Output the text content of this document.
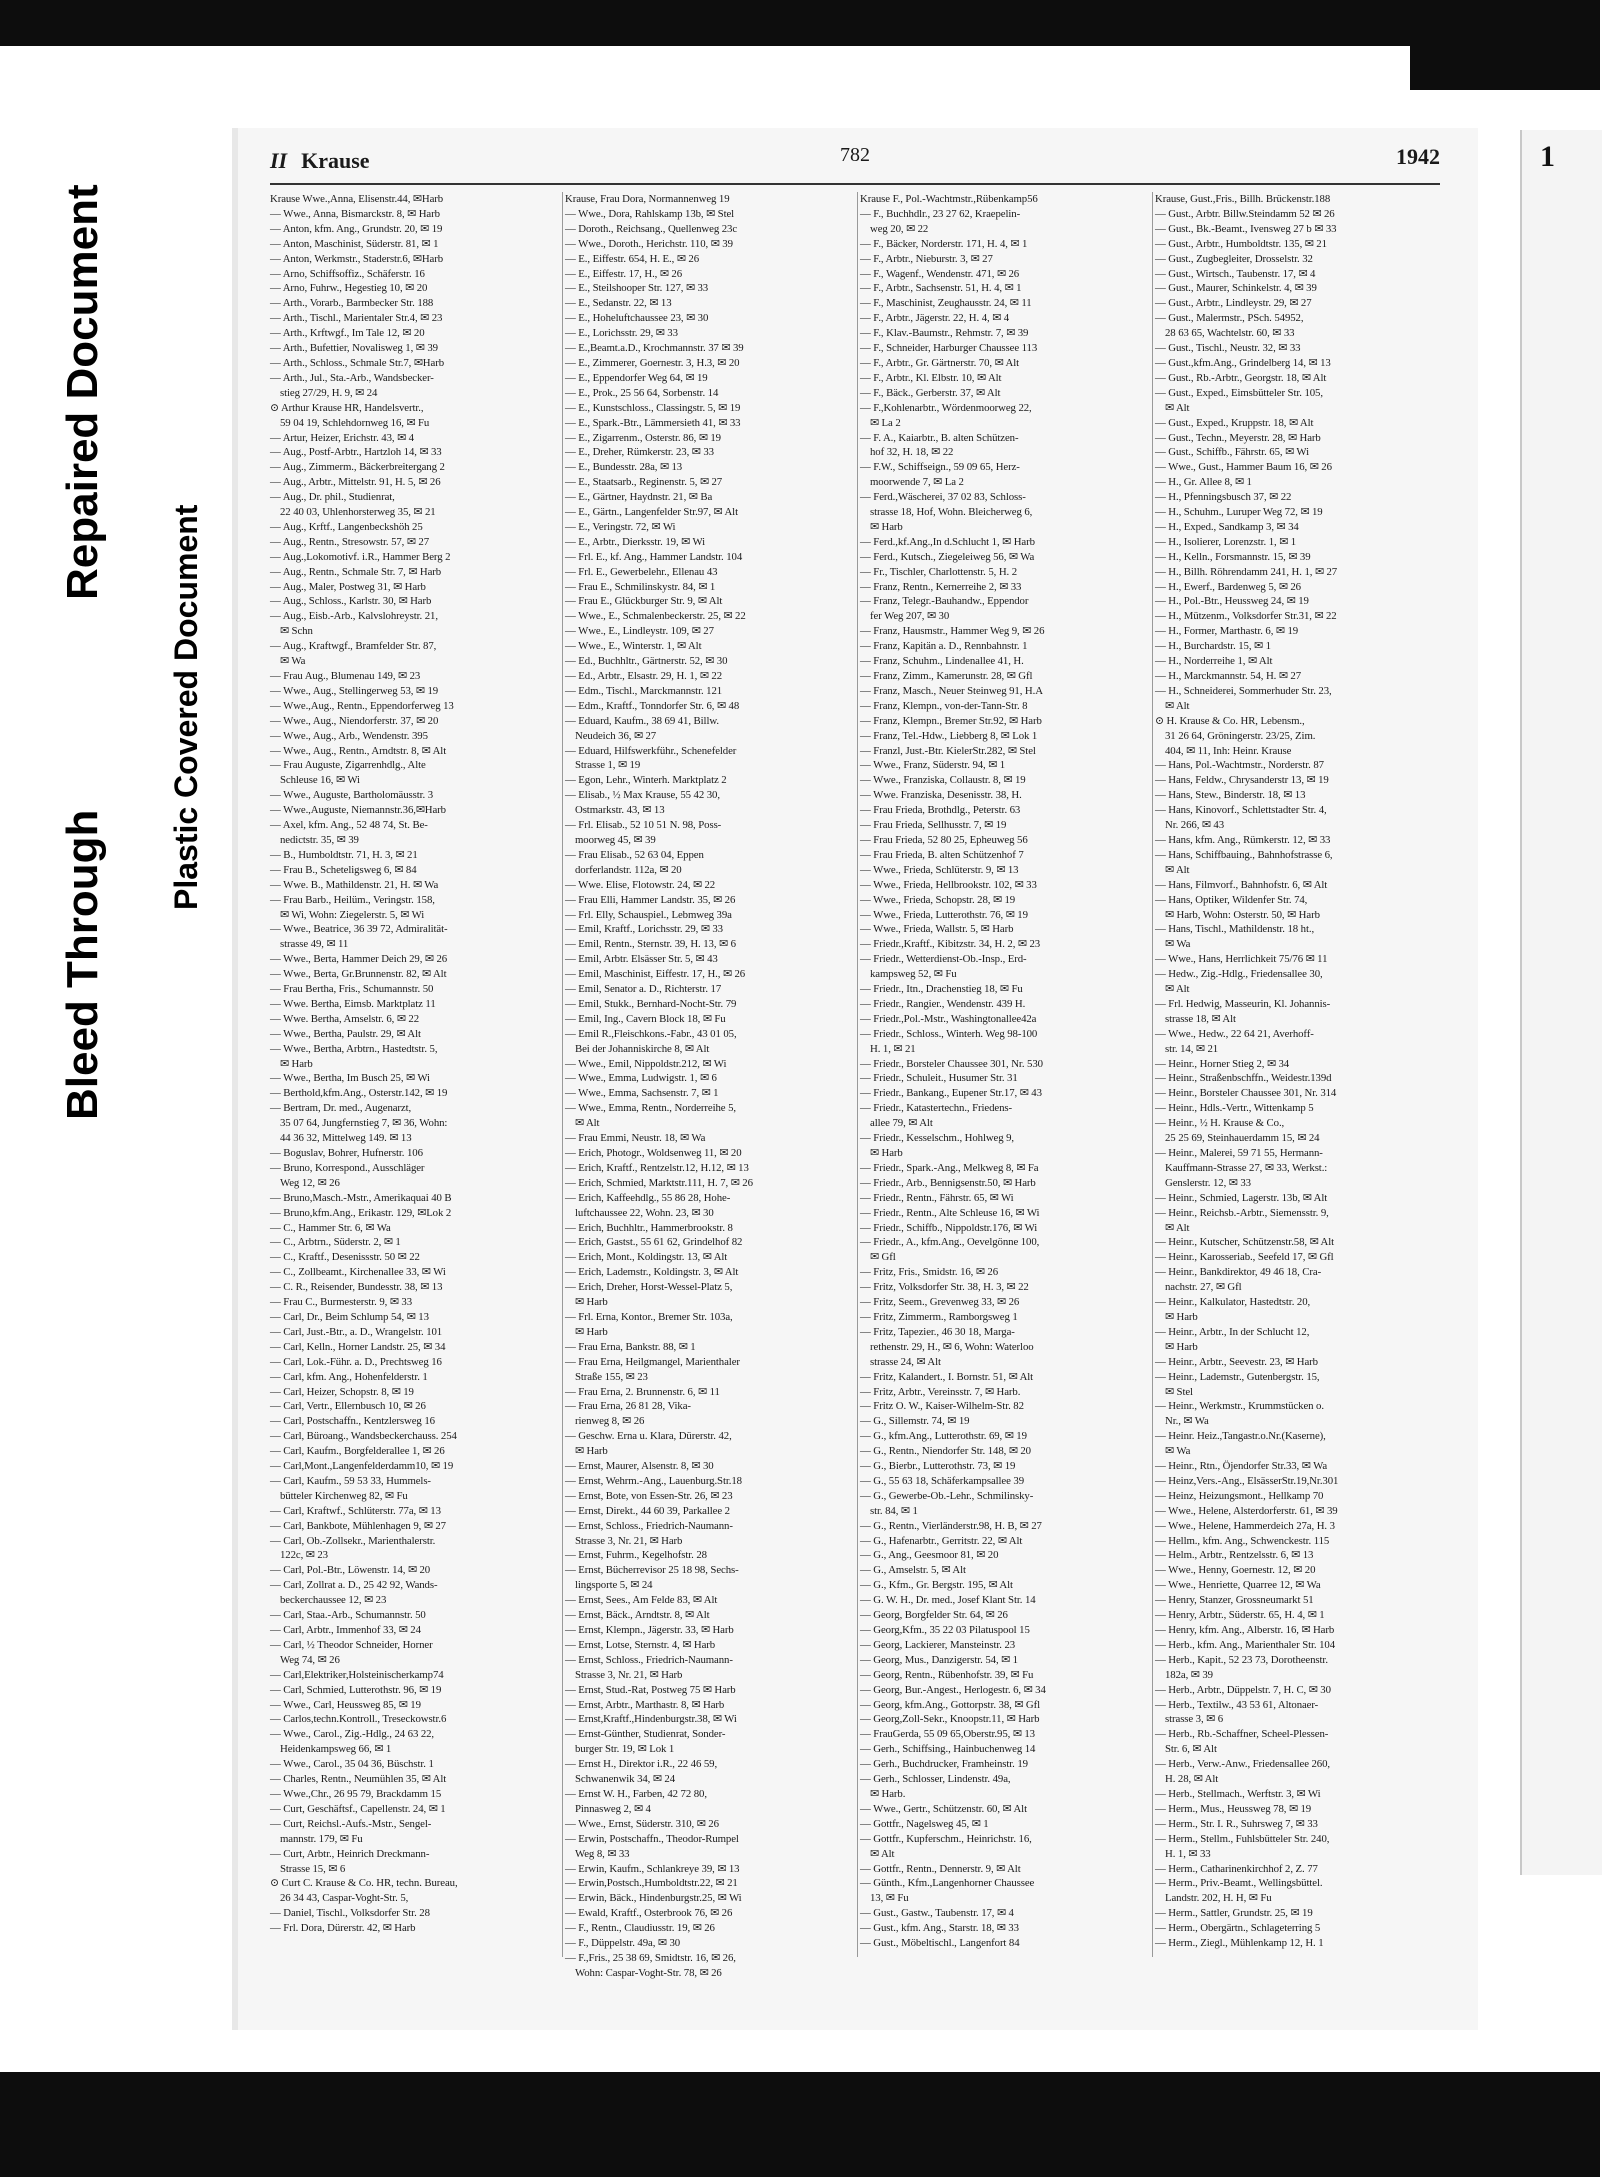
Bleed Through
Repaired Document
Plastic Covered Document
1
II Krause	782	1942
Krause Wwe.,Anna, Elisenstr.44, ✉Harb
— Wwe., Anna, Bismarckstr. 8, ✉ Harb
— Anton, kfm. Ang., Grundstr. 20, ✉ 19
— Anton, Maschinist, Süderstr. 81, ✉ 1
— Anton, Werkmstr., Staderstr.6, ✉Harb
— Arno, Schiffsoffiz., Schäferstr. 16
— Arno, Fuhrw., Hegestieg 10, ✉ 20
— Arth., Vorarb., Barmbecker Str. 188
— Arth., Tischl., Marientaler Str.4, ✉ 23
— Arth., Krftwgf., Im Tale 12, ✉ 20
— Arth., Bufettier, Novalisweg 1, ✉ 39
— Arth., Schloss., Schmale Str.7, ✉Harb
— Arth., Jul., Sta.-Arb., Wandsbecker-
stieg 27/29, H. 9, ✉ 24
⊙ Arthur Krause HR, Handelsvertr.,
59 04 19, Schlehdornweg 16, ✉ Fu
— Artur, Heizer, Erichstr. 43, ✉ 4
— Aug., Postf-Arbtr., Hartzloh 14, ✉ 33
— Aug., Zimmerm., Bäckerbreitergang 2
— Aug., Arbtr., Mittelstr. 91, H. 5, ✉ 26
— Aug., Dr. phil., Studienrat,
22 40 03, Uhlenhorsterweg 35, ✉ 21
— Aug., Krftf., Langenbeckshöh 25
— Aug., Rentn., Stresowstr. 57, ✉ 27
— Aug.,Lokomotivf. i.R., Hammer Berg 2
— Aug., Rentn., Schmale Str. 7, ✉ Harb
— Aug., Maler, Postweg 31, ✉ Harb
— Aug., Schloss., Karlstr. 30, ✉ Harb
— Aug., Eisb.-Arb., Kalvslohreystr. 21,
✉ Schn
— Aug., Kraftwgf., Bramfelder Str. 87,
✉ Wa
— Frau Aug., Blumenau 149, ✉ 23
— Wwe., Aug., Stellingerweg 53, ✉ 19
— Wwe.,Aug., Rentn., Eppendorferweg 13
— Wwe., Aug., Niendorferstr. 37, ✉ 20
— Wwe., Aug., Arb., Wendenstr. 395
— Wwe., Aug., Rentn., Arndtstr. 8, ✉ Alt
— Frau Auguste, Zigarrenhdlg., Alte
Schleuse 16, ✉ Wi
— Wwe., Auguste, Bartholomäusstr. 3
— Wwe.,Auguste, Niemannstr.36,✉Harb
— Axel, kfm. Ang., 52 48 74, St. Be-
nedictstr. 35, ✉ 39
— B., Humboldtstr. 71, H. 3, ✉ 21
— Frau B., Scheteligsweg 6, ✉ 84
— Wwe. B., Mathildenstr. 21, H. ✉ Wa
— Frau Barb., Heilüm., Veringstr. 158,
✉ Wi, Wohn: Ziegelerstr. 5, ✉ Wi
— Wwe., Beatrice, 36 39 72, Admiralität-
strasse 49, ✉ 11
— Wwe., Berta, Hammer Deich 29, ✉ 26
— Wwe., Berta, Gr.Brunnenstr. 82, ✉ Alt
— Frau Bertha, Fris., Schumannstr. 50
— Wwe. Bertha, Eimsb. Marktplatz 11
— Wwe. Bertha, Amselstr. 6, ✉ 22
— Wwe., Bertha, Paulstr. 29, ✉ Alt
— Wwe., Bertha, Arbtrn., Hastedtstr. 5,
✉ Harb
— Wwe., Bertha, Im Busch 25, ✉ Wi
— Berthold,kfm.Ang., Osterstr.142, ✉ 19
— Bertram, Dr. med., Augenarzt,
35 07 64, Jungfernstieg 7, ✉ 36, Wohn:
44 36 32, Mittelweg 149. ✉ 13
— Boguslav, Bohrer, Hufnerstr. 106
— Bruno, Korrespond., Ausschläger
Weg 12, ✉ 26
— Bruno,Masch.-Mstr., Amerikaquai 40 B
— Bruno,kfm.Ang., Erikastr. 129, ✉Lok 2
— C., Hammer Str. 6, ✉ Wa
— C., Arbtrn., Süderstr. 2, ✉ 1
— C., Kraftf., Desenissstr. 50 ✉ 22
— C., Zollbeamt., Kirchenallee 33, ✉ Wi
— C. R., Reisender, Bundesstr. 38, ✉ 13
— Frau C., Burmesterstr. 9, ✉ 33
— Carl, Dr., Beim Schlump 54, ✉ 13
— Carl, Just.-Btr., a. D., Wrangelstr. 101
— Carl, Kelln., Horner Landstr. 25, ✉ 34
— Carl, Lok.-Führ. a. D., Prechtsweg 16
— Carl, kfm. Ang., Hohenfelderstr. 1
— Carl, Heizer, Schopstr. 8, ✉ 19
— Carl, Vertr., Ellernbusch 10, ✉ 26
— Carl, Postschaffn., Kentzlersweg 16
— Carl, Büroang., Wandsbeckerchauss. 254
— Carl, Kaufm., Borgfelderallee 1, ✉ 26
— Carl,Mont.,Langenfelderdamm10, ✉ 19
— Carl, Kaufm., 59 53 33, Hummels-
bütteler Kirchenweg 82, ✉ Fu
— Carl, Kraftwf., Schlüterstr. 77a, ✉ 13
— Carl, Bankbote, Mühlenhagen 9, ✉ 27
— Carl, Ob.-Zollsekr., Marienthalerstr.
122c, ✉ 23
— Carl, Pol.-Btr., Löwenstr. 14, ✉ 20
— Carl, Zollrat a. D., 25 42 92, Wands-
beckerchaussee 12, ✉ 23
— Carl, Staa.-Arb., Schumannstr. 50
— Carl, Arbtr., Immenhof 33, ✉ 24
— Carl, ½ Theodor Schneider, Horner
Weg 74, ✉ 26
— Carl,Elektriker,Holsteinischerkamp74
— Carl, Schmied, Lutterothstr. 96, ✉ 19
— Wwe., Carl, Heussweg 85, ✉ 19
— Carlos,techn.Kontroll., Treseckowstr.6
— Wwe., Carol., Zig.-Hdlg., 24 63 22,
Heidenkampsweg 66, ✉ 1
— Wwe., Carol., 35 04 36, Büschstr. 1
— Charles, Rentn., Neumühlen 35, ✉ Alt
— Wwe.,Chr., 26 95 79, Brackdamm 15
— Curt, Geschäftsf., Capellenstr. 24, ✉ 1
— Curt, Reichsl.-Aufs.-Mstr., Sengel-
mannstr. 179, ✉ Fu
— Curt, Arbtr., Heinrich Dreckmann-
Strasse 15, ✉ 6
⊙ Curt C. Krause & Co. HR, techn. Bureau,
26 34 43, Caspar-Voght-Str. 5,
— Daniel, Tischl., Volksdorfer Str. 28
— Frl. Dora, Dürerstr. 42, ✉ Harb
Krause, Frau Dora, Normannenweg 19
— Wwe., Dora, Rahlskamp 13b, ✉ Stel
— Doroth., Reichsang., Quellenweg 23c
— Wwe., Doroth., Herichstr. 110, ✉ 39
— E., Eiffestr. 654, H. E., ✉ 26
— E., Eiffestr. 17, H., ✉ 26
— E., Steilshooper Str. 127, ✉ 33
— E., Sedanstr. 22, ✉ 13
— E., Hoheluftchaussee 23, ✉ 30
— E., Lorichsstr. 29, ✉ 33
— E.,Beamt.a.D., Krochmannstr. 37 ✉ 39
— E., Zimmerer, Goernestr. 3, H.3, ✉ 20
— E., Eppendorfer Weg 64, ✉ 19
— E., Prok., 25 56 64, Sorbenstr. 14
— E., Kunstschloss., Classingstr. 5, ✉ 19
— E., Spark.-Btr., Lämmersieth 41, ✉ 33
— E., Zigarrenm., Osterstr. 86, ✉ 19
— E., Dreher, Rümkerstr. 23, ✉ 33
— E., Bundesstr. 28a, ✉ 13
— E., Staatsarb., Reginenstr. 5, ✉ 27
— E., Gärtner, Haydnstr. 21, ✉ Ba
— E., Gärtn., Langenfelder Str.97, ✉ Alt
— E., Veringstr. 72, ✉ Wi
— E., Arbtr., Dierksstr. 19, ✉ Wi
— Frl. E., kf. Ang., Hammer Landstr. 104
— Frl. E., Gewerbelehr., Ellenau 43
— Frau E., Schmilinskystr. 84, ✉ 1
— Frau E., Glückburger Str. 9, ✉ Alt
— Wwe., E., Schmalenbeckerstr. 25, ✉ 22
— Wwe., E., Lindleystr. 109, ✉ 27
— Wwe., E., Winterstr. 1, ✉ Alt
— Ed., Buchhltr., Gärtnerstr. 52, ✉ 30
— Ed., Arbtr., Elsastr. 29, H. 1, ✉ 22
— Edm., Tischl., Marckmannstr. 121
— Edm., Kraftf., Tonndorfer Str. 6, ✉ 48
— Eduard, Kaufm., 38 69 41, Billw.
Neudeich 36, ✉ 27
— Eduard, Hilfswerkführ., Schenefelder
Strasse 1, ✉ 19
— Egon, Lehr., Winterh. Marktplatz 2
— Elisab., ½ Max Krause, 55 42 30,
Ostmarkstr. 43, ✉ 13
— Frl. Elisab., 52 10 51 N. 98, Poss-
moorweg 45, ✉ 39
— Frau Elisab., 52 63 04, Eppen
dorferlandstr. 112a, ✉ 20
— Wwe. Elise, Flotowstr. 24, ✉ 22
— Frau Elli, Hammer Landstr. 35, ✉ 26
— Frl. Elly, Schauspiel., Lebmweg 39a
— Emil, Kraftf., Lorichsstr. 29, ✉ 33
— Emil, Rentn., Sternstr. 39, H. 13, ✉ 6
— Emil, Arbtr. Elsässer Str. 5, ✉ 43
— Emil, Maschinist, Eiffestr. 17, H., ✉ 26
— Emil, Senator a. D., Richterstr. 17
— Emil, Stukk., Bernhard-Nocht-Str. 79
— Emil, Ing., Cavern Block 18, ✉ Fu
— Emil R.,Fleischkons.-Fabr., 43 01 05,
Bei der Johanniskirche 8, ✉ Alt
— Wwe., Emil, Nippoldstr.212, ✉ Wi
— Wwe., Emma, Ludwigstr. 1, ✉ 6
— Wwe., Emma, Sachsenstr. 7, ✉ 1
— Wwe., Emma, Rentn., Norderreihe 5,
✉ Alt
— Frau Emmi, Neustr. 18, ✉ Wa
— Erich, Photogr., Woldsenweg 11, ✉ 20
— Erich, Kraftf., Rentzelstr.12, H.12, ✉ 13
— Erich, Schmied, Marktstr.111, H. 7, ✉ 26
— Erich, Kaffeehdlg., 55 86 28, Hohe-
luftchaussee 22, Wohn. 23, ✉ 30
— Erich, Buchhltr., Hammerbrookstr. 8
— Erich, Gastst., 55 61 62, Grindelhof 82
— Erich, Mont., Koldingstr. 13, ✉ Alt
— Erich, Lademstr., Koldingstr. 3, ✉ Alt
— Erich, Dreher, Horst-Wessel-Platz 5,
✉ Harb
— Frl. Erna, Kontor., Bremer Str. 103a,
✉ Harb
— Frau Erna, Bankstr. 88, ✉ 1
— Frau Erna, Heilgmangel, Marienthaler
Straße 155, ✉ 23
— Frau Erna, 2. Brunnenstr. 6, ✉ 11
— Frau Erna, 26 81 28, Vika-
rienweg 8, ✉ 26
— Geschw. Erna u. Klara, Dürerstr. 42,
✉ Harb
— Ernst, Maurer, Alsenstr. 8, ✉ 30
— Ernst, Wehrm.-Ang., Lauenburg.Str.18
— Ernst, Bote, von Essen-Str. 26, ✉ 23
— Ernst, Direkt., 44 60 39, Parkallee 2
— Ernst, Schloss., Friedrich-Naumann-
Strasse 3, Nr. 21, ✉ Harb
— Ernst, Fuhrm., Kegelhofstr. 28
— Ernst, Bücherrevisor 25 18 98, Sechs-
lingsporte 5, ✉ 24
— Ernst, Sees., Am Felde 83, ✉ Alt
— Ernst, Bäck., Arndtstr. 8, ✉ Alt
— Ernst, Klempn., Jägerstr. 33, ✉ Harb
— Ernst, Lotse, Sternstr. 4, ✉ Harb
— Ernst, Schloss., Friedrich-Naumann-
Strasse 3, Nr. 21, ✉ Harb
— Ernst, Stud.-Rat, Postweg 75 ✉ Harb
— Ernst, Arbtr., Marthastr. 8, ✉ Harb
— Ernst,Kraftf.,Hindenburgstr.38, ✉ Wi
— Ernst-Günther, Studienrat, Sonder-
burger Str. 19, ✉ Lok 1
— Ernst H., Direktor i.R., 22 46 59,
Schwanenwik 34, ✉ 24
— Ernst W. H., Farben, 42 72 80,
Pinnasweg 2, ✉ 4
— Wwe., Ernst, Süderstr. 310, ✉ 26
— Erwin, Postschaffn., Theodor-Rumpel
Weg 8, ✉ 33
— Erwin, Kaufm., Schlankreye 39, ✉ 13
— Erwin,Postsch.,Humboldtstr.22, ✉ 21
— Erwin, Bäck., Hindenburgstr.25, ✉ Wi
— Ewald, Kraftf., Osterbrook 76, ✉ 26
— F., Rentn., Claudiusstr. 19, ✉ 26
— F., Düppelstr. 49a, ✉ 30
— F.,Fris., 25 38 69, Smidtstr. 16, ✉ 26,
Wohn: Caspar-Voght-Str. 78, ✉ 26
Krause F., Pol.-Wachtmstr.,Rübenkamp56
— F., Buchhdlr., 23 27 62, Kraepelin-
weg 20, ✉ 22
— F., Bäcker, Norderstr. 171, H. 4, ✉ 1
— F., Arbtr., Nieburstr. 3, ✉ 27
— F., Wagenf., Wendenstr. 471, ✉ 26
— F., Arbtr., Sachsenstr. 51, H. 4, ✉ 1
— F., Maschinist, Zeughausstr. 24, ✉ 11
— F., Arbtr., Jägerstr. 22, H. 4, ✉ 4
— F., Klav.-Baumstr., Rehmstr. 7, ✉ 39
— F., Schneider, Harburger Chaussee 113
— F., Arbtr., Gr. Gärtnerstr. 70, ✉ Alt
— F., Arbtr., Kl. Elbstr. 10, ✉ Alt
— F., Bäck., Gerberstr. 37, ✉ Alt
— F.,Kohlenarbtr., Wördenmoorweg 22,
✉ La 2
— F. A., Kaiarbtr., B. alten Schützen-
hof 32, H. 18, ✉ 22
— F.W., Schiffseign., 59 09 65, Herz-
moorwende 7, ✉ La 2
— Ferd.,Wäscherei, 37 02 83, Schloss-
strasse 18, Hof, Wohn. Bleicherweg 6,
✉ Harb
— Ferd.,kf.Ang.,In d.Schlucht 1, ✉ Harb
— Ferd., Kutsch., Ziegeleiweg 56, ✉ Wa
— Fr., Tischler, Charlottenstr. 5, H. 2
— Franz, Rentn., Kernerreihe 2, ✉ 33
— Franz, Telegr.-Bauhandw., Eppendor
fer Weg 207, ✉ 30
— Franz, Hausmstr., Hammer Weg 9, ✉ 26
— Franz, Kapitän a. D., Rennbahnstr. 1
— Franz, Schuhm., Lindenallee 41, H.
— Franz, Zimm., Kamerunstr. 28, ✉ Gfl
— Franz, Masch., Neuer Steinweg 91, H.A
— Franz, Klempn., von-der-Tann-Str. 8
— Franz, Klempn., Bremer Str.92, ✉ Harb
— Franz, Tel.-Hdw., Liebberg 8, ✉ Lok 1
— Franzl, Just.-Btr. KielerStr.282, ✉ Stel
— Wwe., Franz, Süderstr. 94, ✉ 1
— Wwe., Franziska, Collaustr. 8, ✉ 19
— Wwe. Franziska, Desenisstr. 38, H.
— Frau Frieda, Brothdlg., Peterstr. 63
— Frau Frieda, Sellhusstr. 7, ✉ 19
— Frau Frieda, 52 80 25, Epheuweg 56
— Frau Frieda, B. alten Schützenhof 7
— Wwe., Frieda, Schlüterstr. 9, ✉ 13
— Wwe., Frieda, Hellbrookstr. 102, ✉ 33
— Wwe., Frieda, Schopstr. 28, ✉ 19
— Wwe., Frieda, Lutterothstr. 76, ✉ 19
— Wwe., Frieda, Wallstr. 5, ✉ Harb
— Friedr.,Kraftf., Kibitzstr. 34, H. 2, ✉ 23
— Friedr., Wetterdienst-Ob.-Insp., Erd-
kampsweg 52, ✉ Fu
— Friedr., Itn., Drachenstieg 18, ✉ Fu
— Friedr., Rangier., Wendenstr. 439 H.
— Friedr.,Pol.-Mstr., Washingtonallee42a
— Friedr., Schloss., Winterh. Weg 98-100
H. 1, ✉ 21
— Friedr., Borsteler Chaussee 301, Nr. 530
— Friedr., Schuleit., Husumer Str. 31
— Friedr., Bankang., Eupener Str.17, ✉ 43
— Friedr., Katastertechn., Friedens-
allee 79, ✉ Alt
— Friedr., Kesselschm., Hohlweg 9,
✉ Harb
— Friedr., Spark.-Ang., Melkweg 8, ✉ Fa
— Friedr., Arb., Bennigsenstr.50, ✉ Harb
— Friedr., Rentn., Fährstr. 65, ✉ Wi
— Friedr., Rentn., Alte Schleuse 16, ✉ Wi
— Friedr., Schiffb., Nippoldstr.176, ✉ Wi
— Friedr., A., kfm.Ang., Oevelgönne 100,
✉ Gfl
— Fritz, Fris., Smidstr. 16, ✉ 26
— Fritz, Volksdorfer Str. 38, H. 3, ✉ 22
— Fritz, Seem., Grevenweg 33, ✉ 26
— Fritz, Zimmerm., Ramborgsweg 1
— Fritz, Tapezier., 46 30 18, Marga-
rethenstr. 29, H., ✉ 6, Wohn: Waterloo
strasse 24, ✉ Alt
— Fritz, Kalandert., I. Bornstr. 51, ✉ Alt
— Fritz, Arbtr., Vereinsstr. 7, ✉ Harb.
— Fritz O. W., Kaiser-Wilhelm-Str. 82
— G., Sillemstr. 74, ✉ 19
— G., kfm.Ang., Lutterothstr. 69, ✉ 19
— G., Rentn., Niendorfer Str. 148, ✉ 20
— G., Bierbr., Lutterothstr. 73, ✉ 19
— G., 55 63 18, Schäferkampsallee 39
— G., Gewerbe-Ob.-Lehr., Schmilinsky-
str. 84, ✉ 1
— G., Rentn., Vierländerstr.98, H. B, ✉ 27
— G., Hafenarbtr., Gerritstr. 22, ✉ Alt
— G., Ang., Geesmoor 81, ✉ 20
— G., Amselstr. 5, ✉ Alt
— G., Kfm., Gr. Bergstr. 195, ✉ Alt
— G. W. H., Dr. med., Josef Klant Str. 14
— Georg, Borgfelder Str. 64, ✉ 26
— Georg,Kfm., 35 22 03 Pilatuspool 15
— Georg, Lackierer, Mansteinstr. 23
— Georg, Mus., Danzigerstr. 54, ✉ 1
— Georg, Rentn., Rübenhofstr. 39, ✉ Fu
— Georg, Bur.-Angest., Herlogestr. 6, ✉ 34
— Georg, kfm.Ang., Gottorpstr. 38, ✉ Gfl
— Georg,Zoll-Sekr., Knoopstr.11, ✉ Harb
— FrauGerda, 55 09 65,Oberstr.95, ✉ 13
— Gerh., Schiffsing., Hainbuchenweg 14
— Gerh., Buchdrucker, Framheinstr. 19
— Gerh., Schlosser, Lindenstr. 49a,
✉ Harb.
— Wwe., Gertr., Schützenstr. 60, ✉ Alt
— Gottfr., Nagelsweg 45, ✉ 1
— Gottfr., Kupferschm., Heinrichstr. 16,
✉ Alt
— Gottfr., Rentn., Dennerstr. 9, ✉ Alt
— Günth., Kfm.,Langenhorner Chaussee
13, ✉ Fu
— Gust., Gastw., Taubenstr. 17, ✉ 4
— Gust., kfm. Ang., Starstr. 18, ✉ 33
— Gust., Möbeltischl., Langenfort 84
Krause, Gust.,Fris., Billh. Brückenstr.188
— Gust., Arbtr. Billw.Steindamm 52 ✉ 26
— Gust., Bk.-Beamt., Ivensweg 27 b ✉ 33
— Gust., Arbtr., Humboldtstr. 135, ✉ 21
— Gust., Zugbegleiter, Drosselstr. 32
— Gust., Wirtsch., Taubenstr. 17, ✉ 4
— Gust., Maurer, Schinkelstr. 4, ✉ 39
— Gust., Arbtr., Lindleystr. 29, ✉ 27
— Gust., Malermstr., PSch. 54952,
28 63 65, Wachtelstr. 60, ✉ 33
— Gust., Tischl., Neustr. 32, ✉ 33
— Gust.,kfm.Ang., Grindelberg 14, ✉ 13
— Gust., Rb.-Arbtr., Georgstr. 18, ✉ Alt
— Gust., Exped., Eimsbütteler Str. 105,
✉ Alt
— Gust., Exped., Kruppstr. 18, ✉ Alt
— Gust., Techn., Meyerstr. 28, ✉ Harb
— Gust., Schiffb., Fährstr. 65, ✉ Wi
— Wwe., Gust., Hammer Baum 16, ✉ 26
— H., Gr. Allee 8, ✉ 1
— H., Pfenningsbusch 37, ✉ 22
— H., Schuhm., Luruper Weg 72, ✉ 19
— H., Exped., Sandkamp 3, ✉ 34
— H., Isolierer, Lorenzstr. 1, ✉ 1
— H., Kelln., Forsmannstr. 15, ✉ 39
— H., Billh. Röhrendamm 241, H. 1, ✉ 27
— H., Ewerf., Bardenweg 5, ✉ 26
— H., Pol.-Btr., Heussweg 24, ✉ 19
— H., Mützenm., Volksdorfer Str.31, ✉ 22
— H., Former, Marthastr. 6, ✉ 19
— H., Burchardstr. 15, ✉ 1
— H., Norderreihe 1, ✉ Alt
— H., Marckmannstr. 54, H. ✉ 27
— H., Schneiderei, Sommerhuder Str. 23,
✉ Alt
⊙ H. Krause & Co. HR, Lebensm.,
31 26 64, Gröningerstr. 23/25, Zim.
404, ✉ 11, Inh: Heinr. Krause
— Hans, Pol.-Wachtmstr., Norderstr. 87
— Hans, Feldw., Chrysanderstr 13, ✉ 19
— Hans, Stew., Binderstr. 18, ✉ 13
— Hans, Kinovorf., Schlettstadter Str. 4,
Nr. 266, ✉ 43
— Hans, kfm. Ang., Rümkerstr. 12, ✉ 33
— Hans, Schiffbauing., Bahnhofstrasse 6,
✉ Alt
— Hans, Filmvorf., Bahnhofstr. 6, ✉ Alt
— Hans, Optiker, Wildenfer Str. 74,
✉ Harb, Wohn: Osterstr. 50, ✉ Harb
— Hans, Tischl., Mathildenstr. 18 ht.,
✉ Wa
— Wwe., Hans, Herrlichkeit 75/76 ✉ 11
— Hedw., Zig.-Hdlg., Friedensallee 30,
✉ Alt
— Frl. Hedwig, Masseurin, Kl. Johannis-
strasse 18, ✉ Alt
— Wwe., Hedw., 22 64 21, Averhoff-
str. 14, ✉ 21
— Heinr., Horner Stieg 2, ✉ 34
— Heinr., Straßenbschffn., Weidestr.139d
— Heinr., Borsteler Chaussee 301, Nr. 314
— Heinr., Hdls.-Vertr., Wittenkamp 5
— Heinr., ½ H. Krause & Co.,
25 25 69, Steinhauerdamm 15, ✉ 24
— Heinr., Malerei, 59 71 55, Hermann-
Kauffmann-Strasse 27, ✉ 33, Werkst.:
Genslerstr. 12, ✉ 33
— Heinr., Schmied, Lagerstr. 13b, ✉ Alt
— Heinr., Reichsb.-Arbtr., Siemensstr. 9,
✉ Alt
— Heinr., Kutscher, Schützenstr.58, ✉ Alt
— Heinr., Karosseriab., Seefeld 17, ✉ Gfl
— Heinr., Bankdirektor, 49 46 18, Cra-
nachstr. 27, ✉ Gfl
— Heinr., Kalkulator, Hastedtstr. 20,
✉ Harb
— Heinr., Arbtr., In der Schlucht 12,
✉ Harb
— Heinr., Arbtr., Seevestr. 23, ✉ Harb
— Heinr., Lademstr., Gutenbergstr. 15,
✉ Stel
— Heinr., Werkmstr., Krummstücken o.
Nr., ✉ Wa
— Heinr. Heiz.,Tangastr.o.Nr.(Kaserne),
✉ Wa
— Heinr., Rtn., Öjendorfer Str.33, ✉ Wa
— Heinz,Vers.-Ang., ElsässerStr.19,Nr.301
— Heinz, Heizungsmont., Hellkamp 70
— Wwe., Helene, Alsterdorferstr. 61, ✉ 39
— Wwe., Helene, Hammerdeich 27a, H. 3
— Hellm., kfm. Ang., Schwenckestr. 115
— Helm., Arbtr., Rentzelsstr. 6, ✉ 13
— Wwe., Henny, Goernestr. 12, ✉ 20
— Wwe., Henriette, Quarree 12, ✉ Wa
— Henry, Stanzer, Grossneumarkt 51
— Henry, Arbtr., Süderstr. 65, H. 4, ✉ 1
— Henry, kfm. Ang., Alberstr. 16, ✉ Harb
— Herb., kfm. Ang., Marienthaler Str. 104
— Herb., Kapit., 52 23 73, Dorotheenstr.
182a, ✉ 39
— Herb., Arbtr., Düppelstr. 7, H. C, ✉ 30
— Herb., Textilw., 43 53 61, Altonaer-
strasse 3, ✉ 6
— Herb., Rb.-Schaffner, Scheel-Plessen-
Str. 6, ✉ Alt
— Herb., Verw.-Anw., Friedensallee 260,
H. 28, ✉ Alt
— Herb., Stellmach., Werftstr. 3, ✉ Wi
— Herm., Mus., Heussweg 78, ✉ 19
— Herm., Str. I. R., Suhrsweg 7, ✉ 33
— Herm., Stellm., Fuhlsbütteler Str. 240,
H. 1, ✉ 33
— Herm., Catharinenkirchhof 2, Z. 77
— Herm., Priv.-Beamt., Wellingsbüttel.
Landstr. 202, H. H, ✉ Fu
— Herm., Sattler, Grundstr. 25, ✉ 19
— Herm., Obergärtn., Schlageterring 5
— Herm., Ziegl., Mühlenkamp 12, H. 1
